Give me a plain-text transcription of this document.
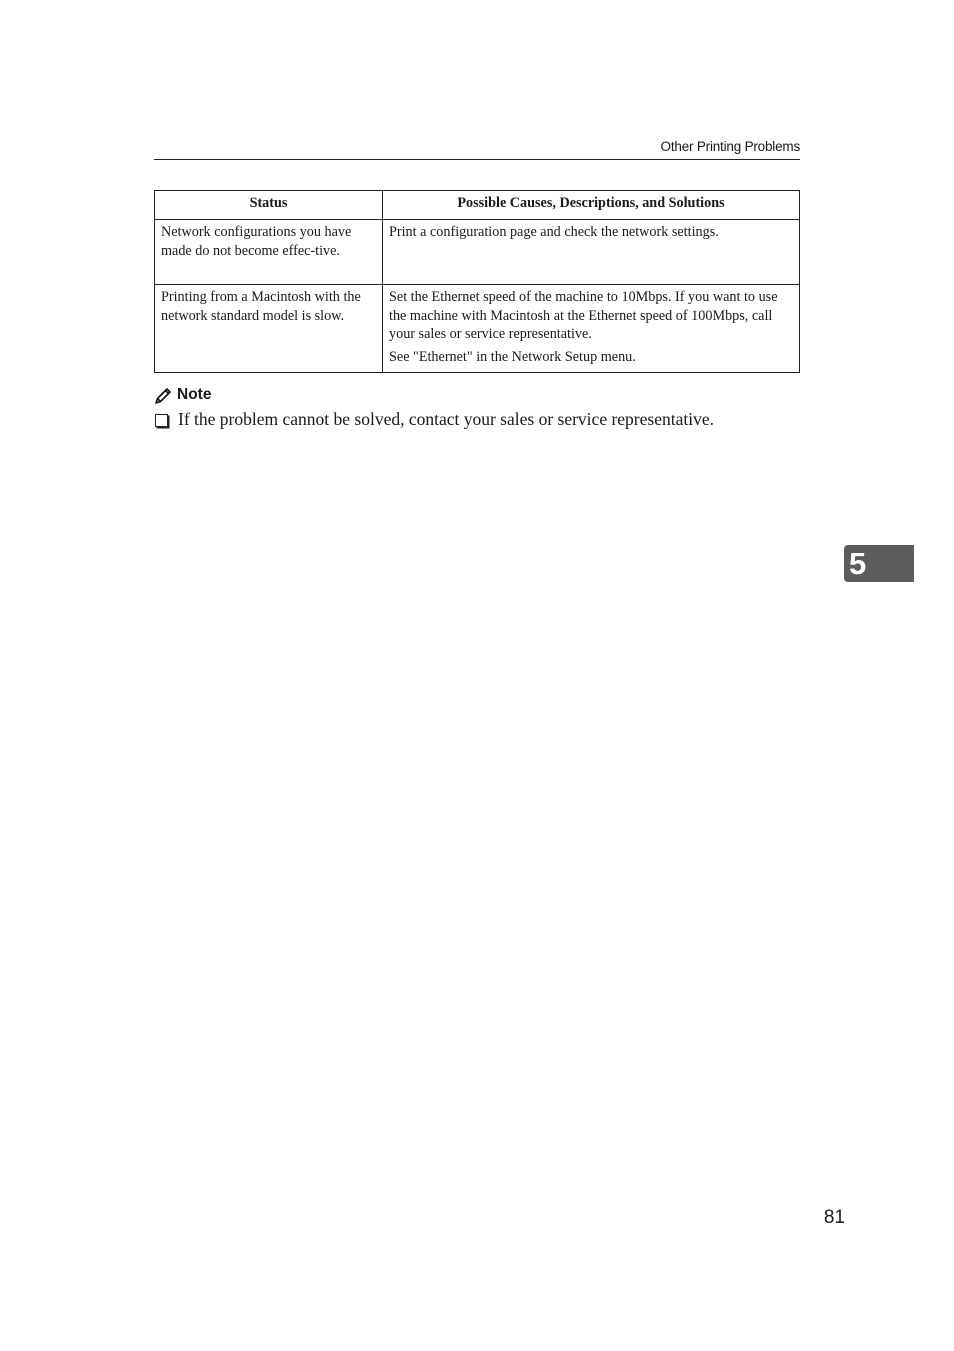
Other Printing Problems
Status	Possible Causes, Descriptions, and Solutions
Network configurations you have made do not become effec-tive.	Print a configuration page and check the network settings.

Printing from a Macintosh with the network standard model is slow.	Set the Ethernet speed of the machine to 10Mbps. If you want to use the machine with Macintosh at the Ethernet speed of 100Mbps, call your sales or service representative.
See "Ethernet" in the Network Setup menu.
Note
If the problem cannot be solved, contact your sales or service representative.
5
81
